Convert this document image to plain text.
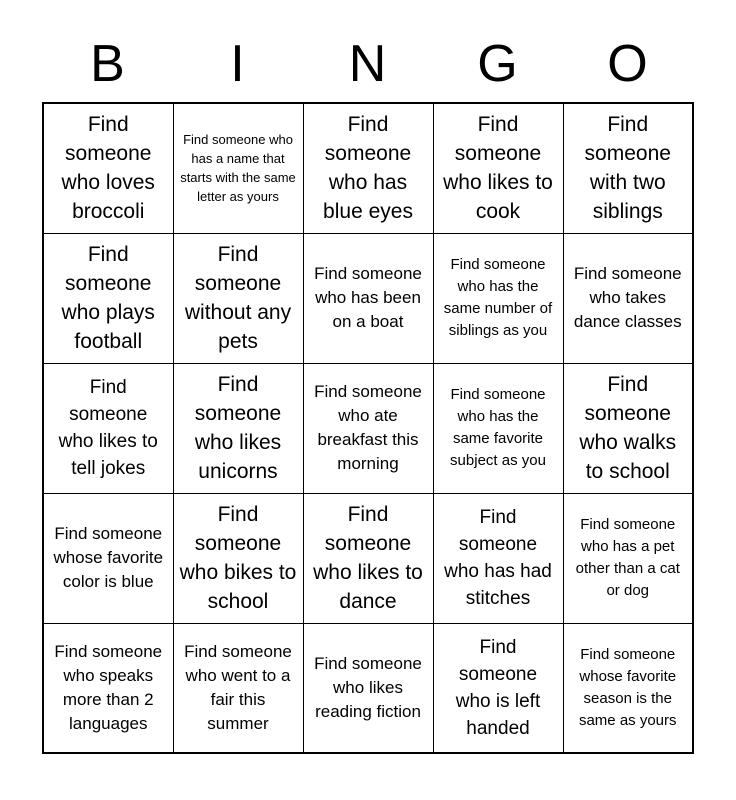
B	I	N	G	O
Find someone who loves broccoli	Find someone who has a name that starts with the same letter as yours	Find someone who has blue eyes	Find someone who likes to cook	Find someone with two siblings
Find someone who plays football	Find someone without any pets	Find someone who has been on a boat	Find someone who has the same number of siblings as you	Find someone who takes dance classes
Find someone who likes to tell jokes	Find someone who likes unicorns	Find someone who ate breakfast this morning	Find someone who has the same favorite subject as you	Find someone who walks to school
Find someone whose favorite color is blue	Find someone who bikes to school	Find someone who likes to dance	Find someone who has had stitches	Find someone who has a pet other than a cat or dog
Find someone who speaks more than 2 languages	Find someone who went to a fair this summer	Find someone who likes reading fiction	Find someone who is left handed	Find someone whose favorite season is the same as yours
